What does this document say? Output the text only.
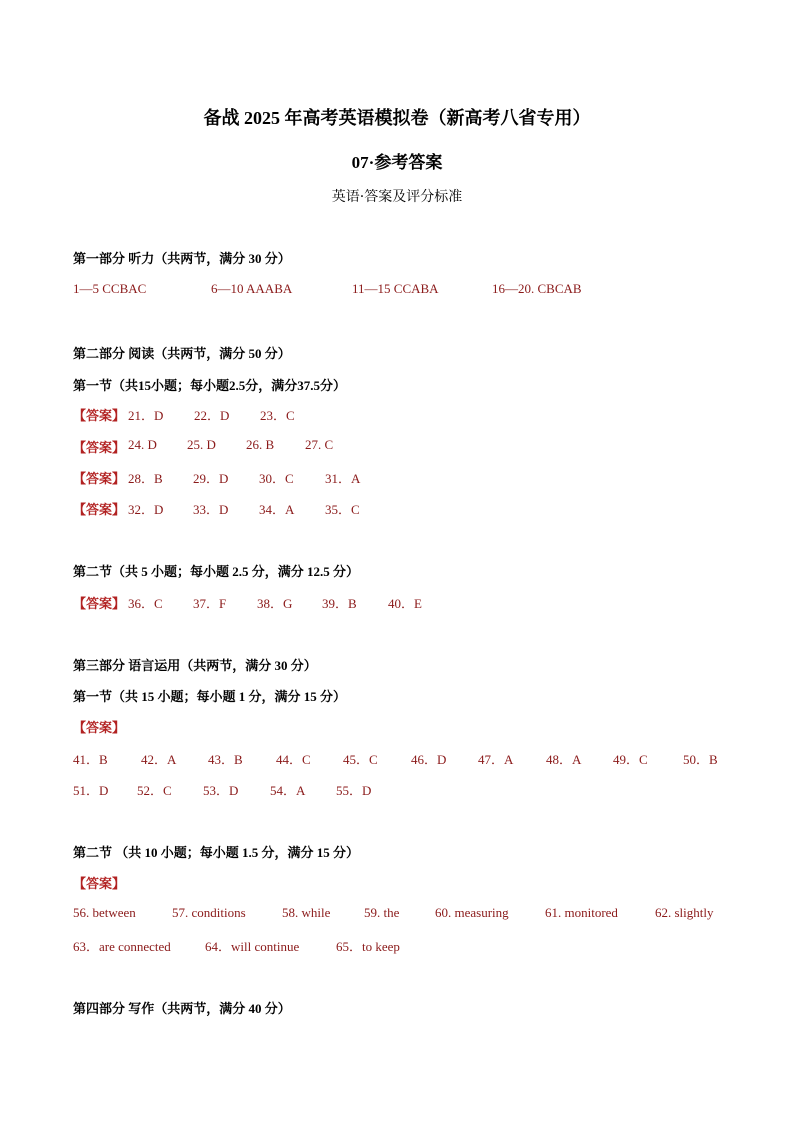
备战 2025 年高考英语模拟卷（新高考八省专用）
07·参考答案
英语·答案及评分标准
第一部分 听力（共两节，满分 30 分）
1—5 CCBAC	6—10 AAABA	11—15 CCABA	16—20. CBCAB
第二部分 阅读（共两节，满分 50 分）
第一节（共15小题；每小题2.5分，满分37.5分）
【答案】 21．D 22．D 23．C
【答案】 24. D 25. D 26. B 27. C
【答案】 28．B 29．D 30．C 31．A
【答案】 32．D 33．D 34．A 35．C
第二节（共 5 小题；每小题 2.5 分，满分 12.5 分）
【答案】 36．C 37．F 38．G 39．B 40．E
第三部分 语言运用（共两节，满分 30 分）
第一节（共 15 小题；每小题 1 分，满分 15 分）
【答案】
41．B	42．A 43．B	44．C 45．C	46．D 47．A	48．A 49．C	50．B
51．D 52．C 53．D 54．A 55．D
第二节 （共 10 小题；每小题 1.5 分，满分 15 分）
【答案】
56. between	57. conditions	58. while	59. the	60. measuring	61. monitored	62. slightly
63．are connected	64．will continue	65．to keep
第四部分 写作（共两节，满分 40 分）
